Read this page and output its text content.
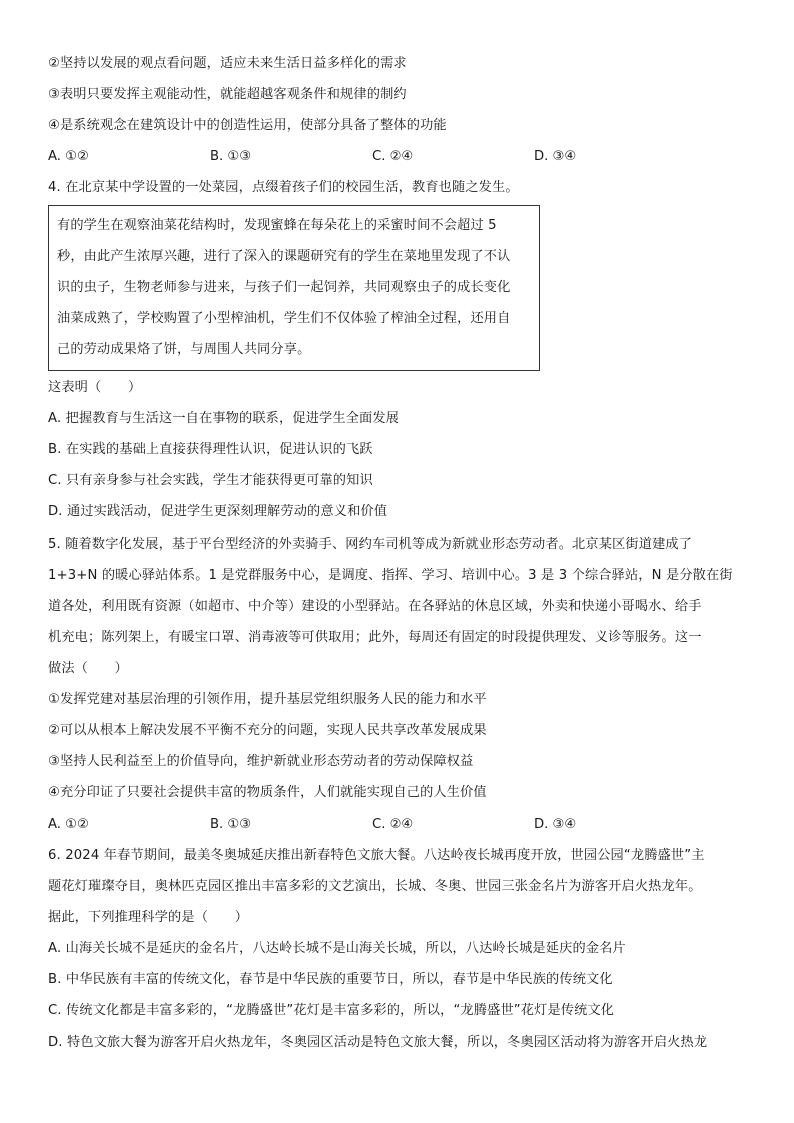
②坚持以发展的观点看问题，适应未来生活日益多样化的需求
③表明只要发挥主观能动性，就能超越客观条件和规律的制约
④是系统观念在建筑设计中的创造性运用，使部分具备了整体的功能
A. ①②	B. ①③	C. ②④	D. ③④
4. 在北京某中学设置的一处菜园，点缀着孩子们的校园生活，教育也随之发生。
有的学生在观察油菜花结构时，发现蜜蜂在每朵花上的采蜜时间不会超过 5
秒，由此产生浓厚兴趣，进行了深入的课题研究有的学生在菜地里发现了不认
识的虫子，生物老师参与进来，与孩子们一起饲养，共同观察虫子的成长变化
油菜成熟了，学校购置了小型榨油机，学生们不仅体验了榨油全过程，还用自
己的劳动成果烙了饼，与周围人共同分享。
这表明（　　）
A. 把握教育与生活这一自在事物的联系，促进学生全面发展
B. 在实践的基础上直接获得理性认识，促进认识的飞跃
C. 只有亲身参与社会实践，学生才能获得更可靠的知识
D. 通过实践活动，促进学生更深刻理解劳动的意义和价值
5. 随着数字化发展，基于平台型经济的外卖骑手、网约车司机等成为新就业形态劳动者。北京某区街道建成了
1+3+N 的暖心驿站体系。1 是党群服务中心，是调度、指挥、学习、培训中心。3 是 3 个综合驿站，N 是分散在街
道各处，利用既有资源（如超市、中介等）建设的小型驿站。在各驿站的休息区域，外卖和快递小哥喝水、给手
机充电；陈列架上，有暖宝口罩、消毒液等可供取用；此外，每周还有固定的时段提供理发、义诊等服务。这一
做法（　　）
①发挥党建对基层治理的引领作用，提升基层党组织服务人民的能力和水平
②可以从根本上解决发展不平衡不充分的问题，实现人民共享改革发展成果
③坚持人民利益至上的价值导向，维护新就业形态劳动者的劳动保障权益
④充分印证了只要社会提供丰富的物质条件，人们就能实现自己的人生价值
A. ①②	B. ①③	C. ②④	D. ③④
6. 2024 年春节期间，最美冬奥城延庆推出新春特色文旅大餐。八达岭夜长城再度开放，世园公园“龙腾盛世”主
题花灯璀璨夺目，奥林匹克园区推出丰富多彩的文艺演出，长城、冬奥、世园三张金名片为游客开启火热龙年。
据此，下列推理科学的是（　　）
A. 山海关长城不是延庆的金名片，八达岭长城不是山海关长城，所以，八达岭长城是延庆的金名片
B. 中华民族有丰富的传统文化，春节是中华民族的重要节日，所以，春节是中华民族的传统文化
C. 传统文化都是丰富多彩的，“龙腾盛世”花灯是丰富多彩的，所以，“龙腾盛世”花灯是传统文化
D. 特色文旅大餐为游客开启火热龙年，冬奥园区活动是特色文旅大餐，所以，冬奥园区活动将为游客开启火热龙
